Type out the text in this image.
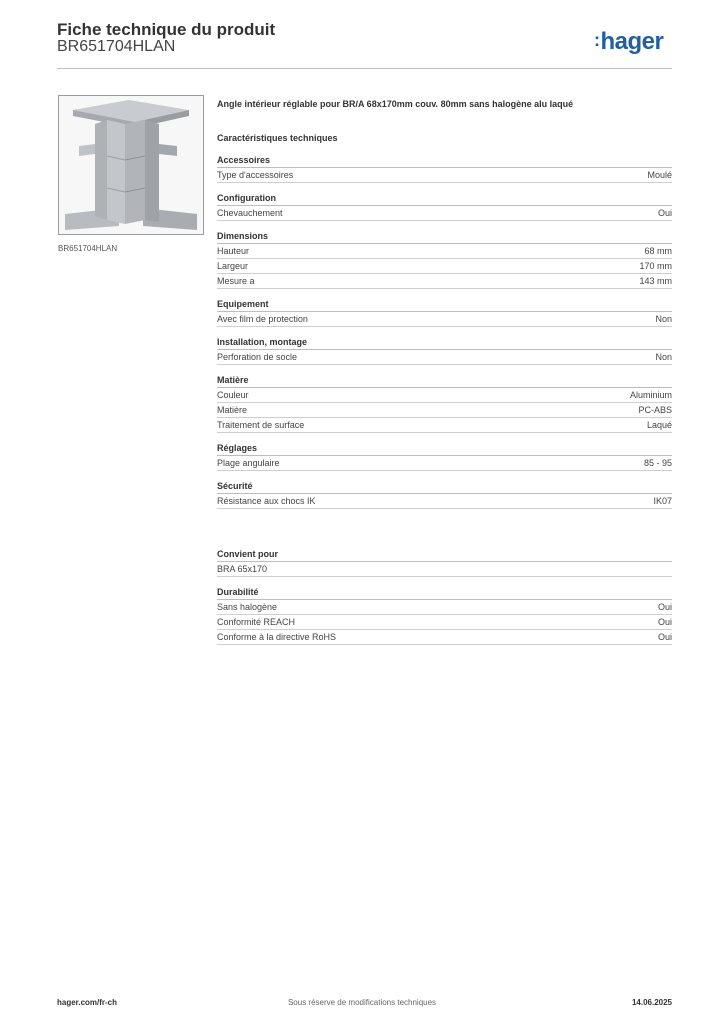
Fiche technique du produit
BR651704HLAN	:hager
BR651704HLAN
Angle intérieur réglable pour BR/A 68x170mm couv. 80mm sans halogène alu laqué
Caractéristiques techniques
Accessoires
Type d'accessoires	Moulé
Configuration
Chevauchement	Oui
Dimensions
Hauteur	68 mm
Largeur	170 mm
Mesure a	143 mm
Equipement
Avec film de protection	Non
Installation, montage
Perforation de socle	Non
Matière
Couleur	Aluminium
Matière	PC-ABS
Traitement de surface	Laqué
Réglages
Plage angulaire	85 - 95
Sécurité
Résistance aux chocs IK	IK07
Convient pour
BRA 65x170
Durabilité
Sans halogène	Oui
Conformité REACH	Oui
Conforme à la directive RoHS	Oui
hager.com/fr-ch	Sous réserve de modifications techniques	14.06.2025
